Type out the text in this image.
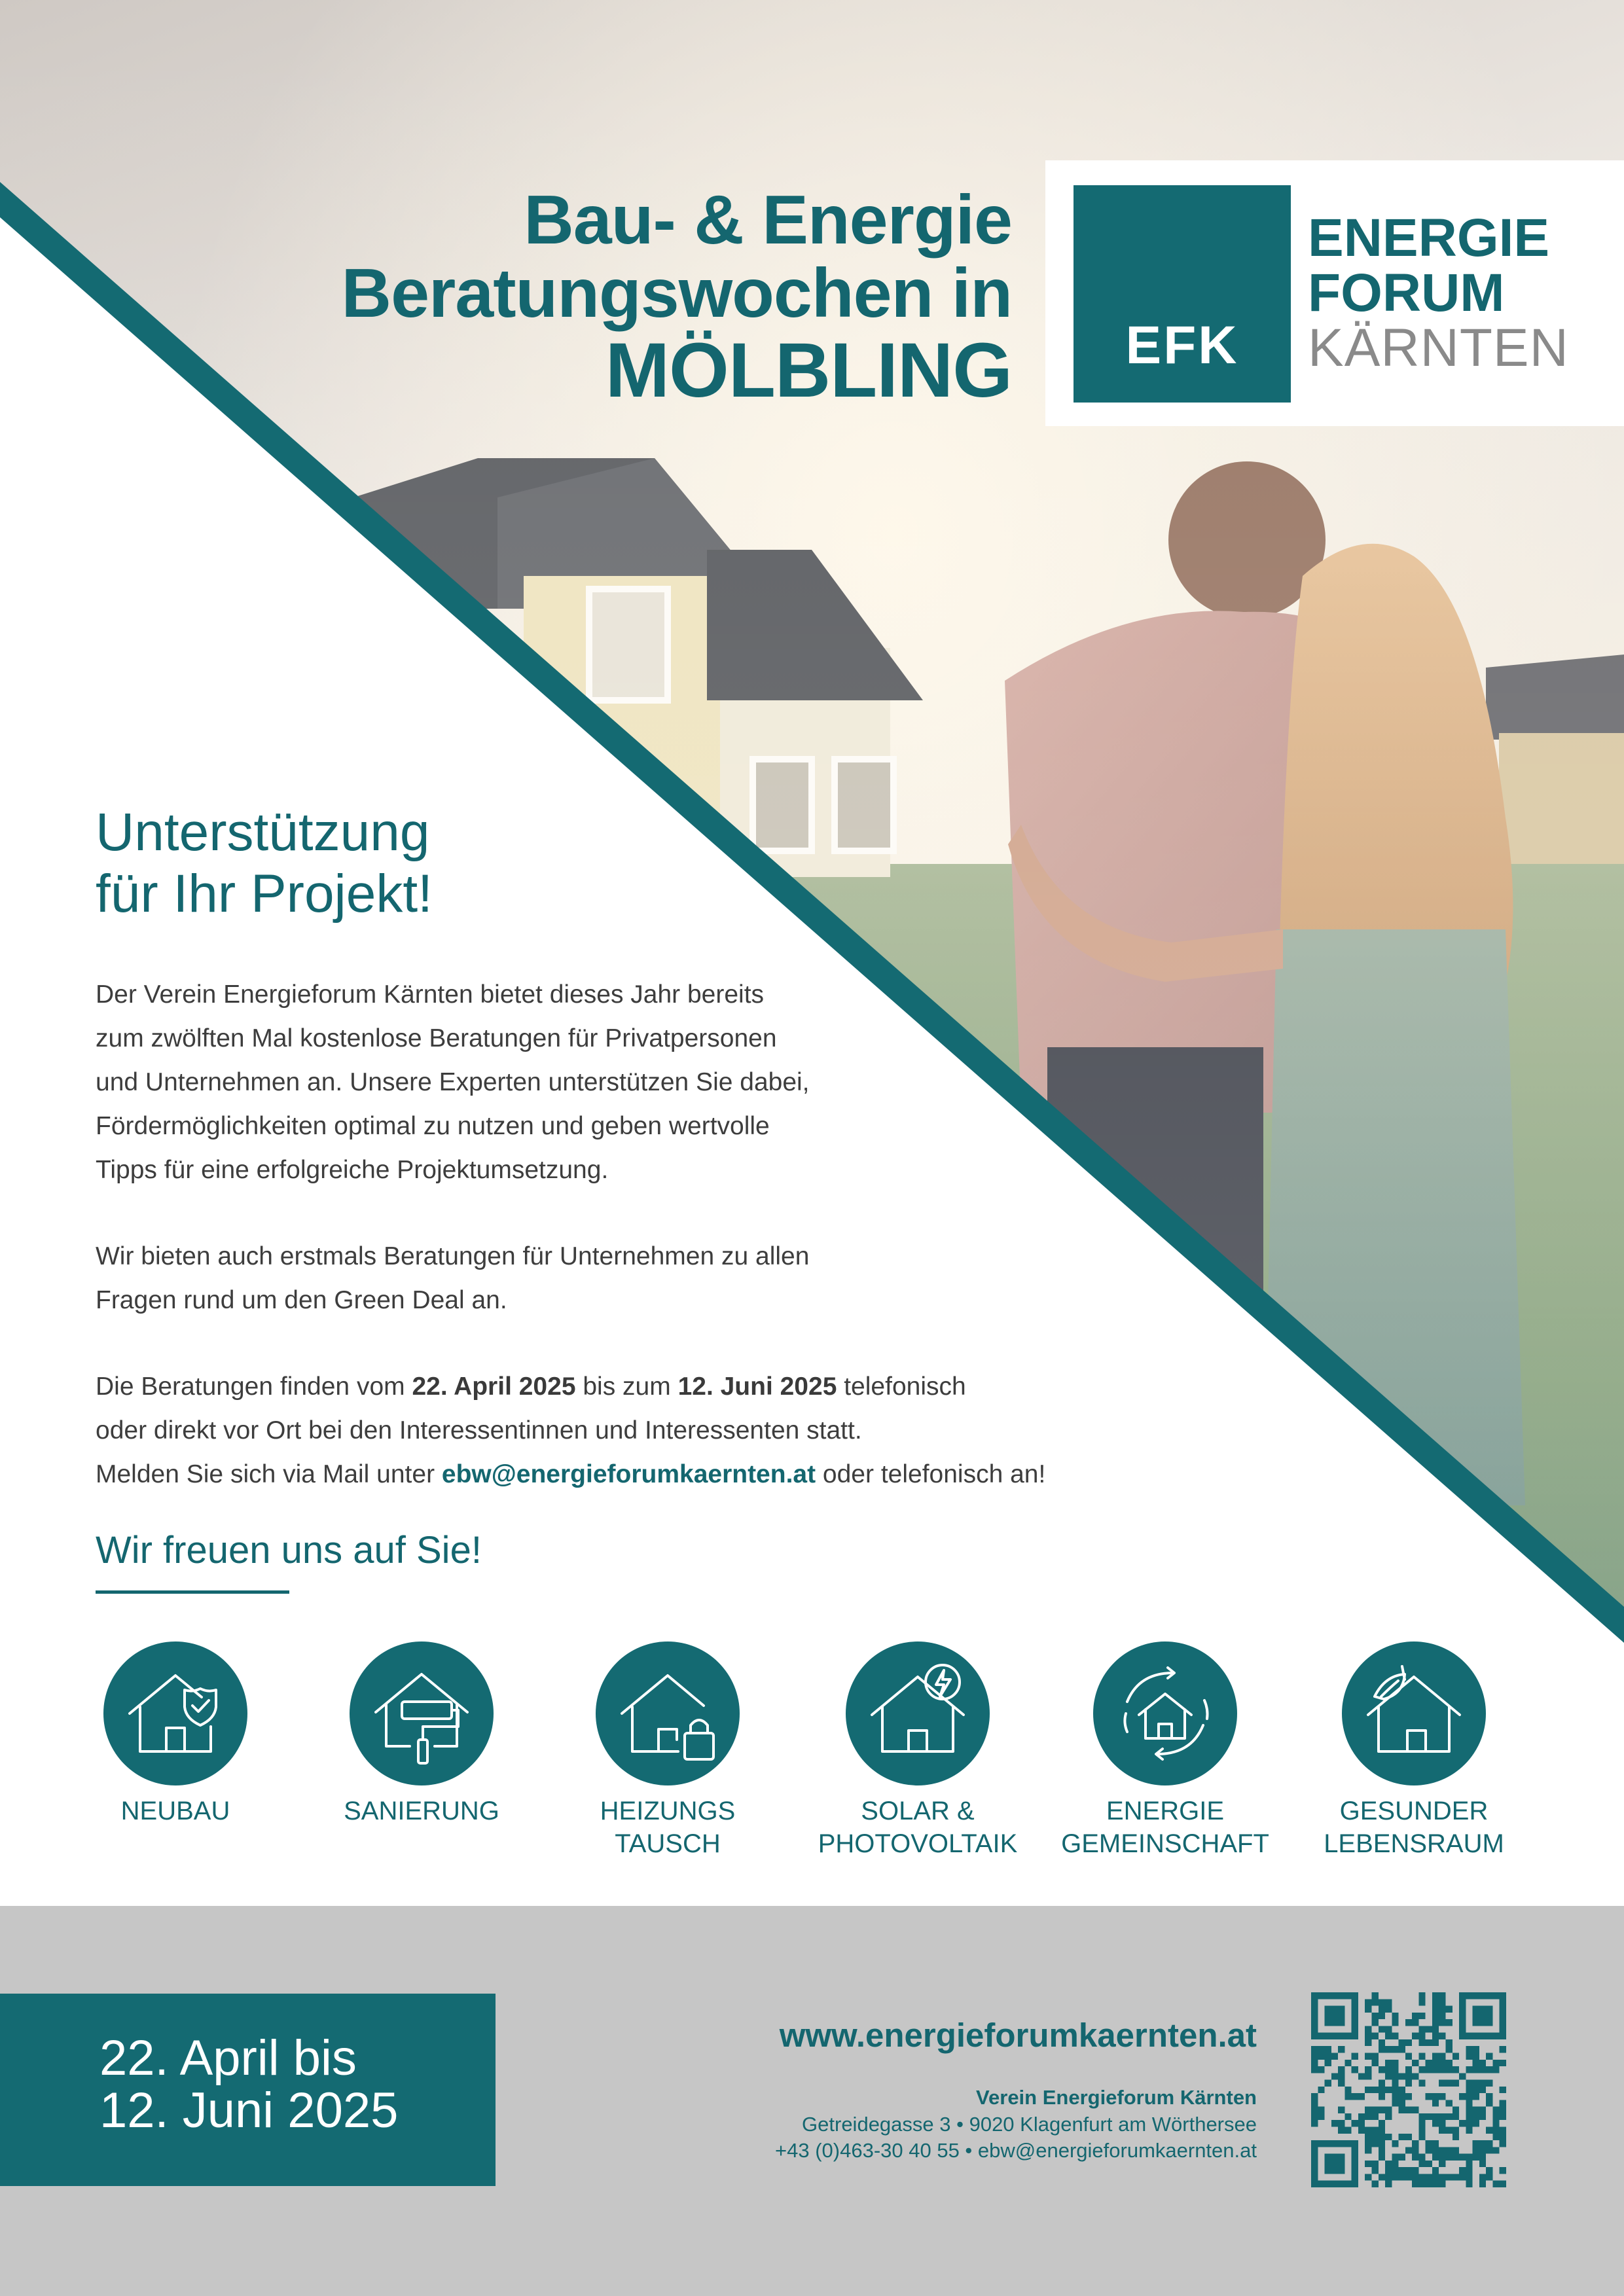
Bau- & Energie
Beratungswochen in
MÖLBLING	EFK
ENERGIE
FORUM
KÄRNTEN
Unterstützung
für Ihr Projekt!
Der Verein Energieforum Kärnten bietet dieses Jahr bereits
zum zwölften Mal kostenlose Beratungen für Privatpersonen
und Unternehmen an. Unsere Experten unterstützen Sie dabei,
Fördermöglichkeiten optimal zu nutzen und geben wertvolle
Tipps für eine erfolgreiche Projektumsetzung.
Wir bieten auch erstmals Beratungen für Unternehmen zu allen
Fragen rund um den Green Deal an.
Die Beratungen finden vom 22. April 2025 bis zum 12. Juni 2025 telefonisch
oder direkt vor Ort bei den Interessentinnen und Interessenten statt.
Melden Sie sich via Mail unter ebw@energieforumkaernten.at oder telefonisch an!
Wir freuen uns auf Sie!
NEUBAU	SANIERUNG	HEIZUNGS
TAUSCH
SOLAR &
PHOTOVOLTAIK
ENERGIE
GEMEINSCHAFT
GESUNDER
LEBENSRAUM
22. April bis
12. Juni 2025
www.energieforumkaernten.at
Verein Energieforum Kärnten
Getreidegasse 3 • 9020 Klagenfurt am Wörthersee
+43 (0)463-30 40 55 • ebw@energieforumkaernten.at
